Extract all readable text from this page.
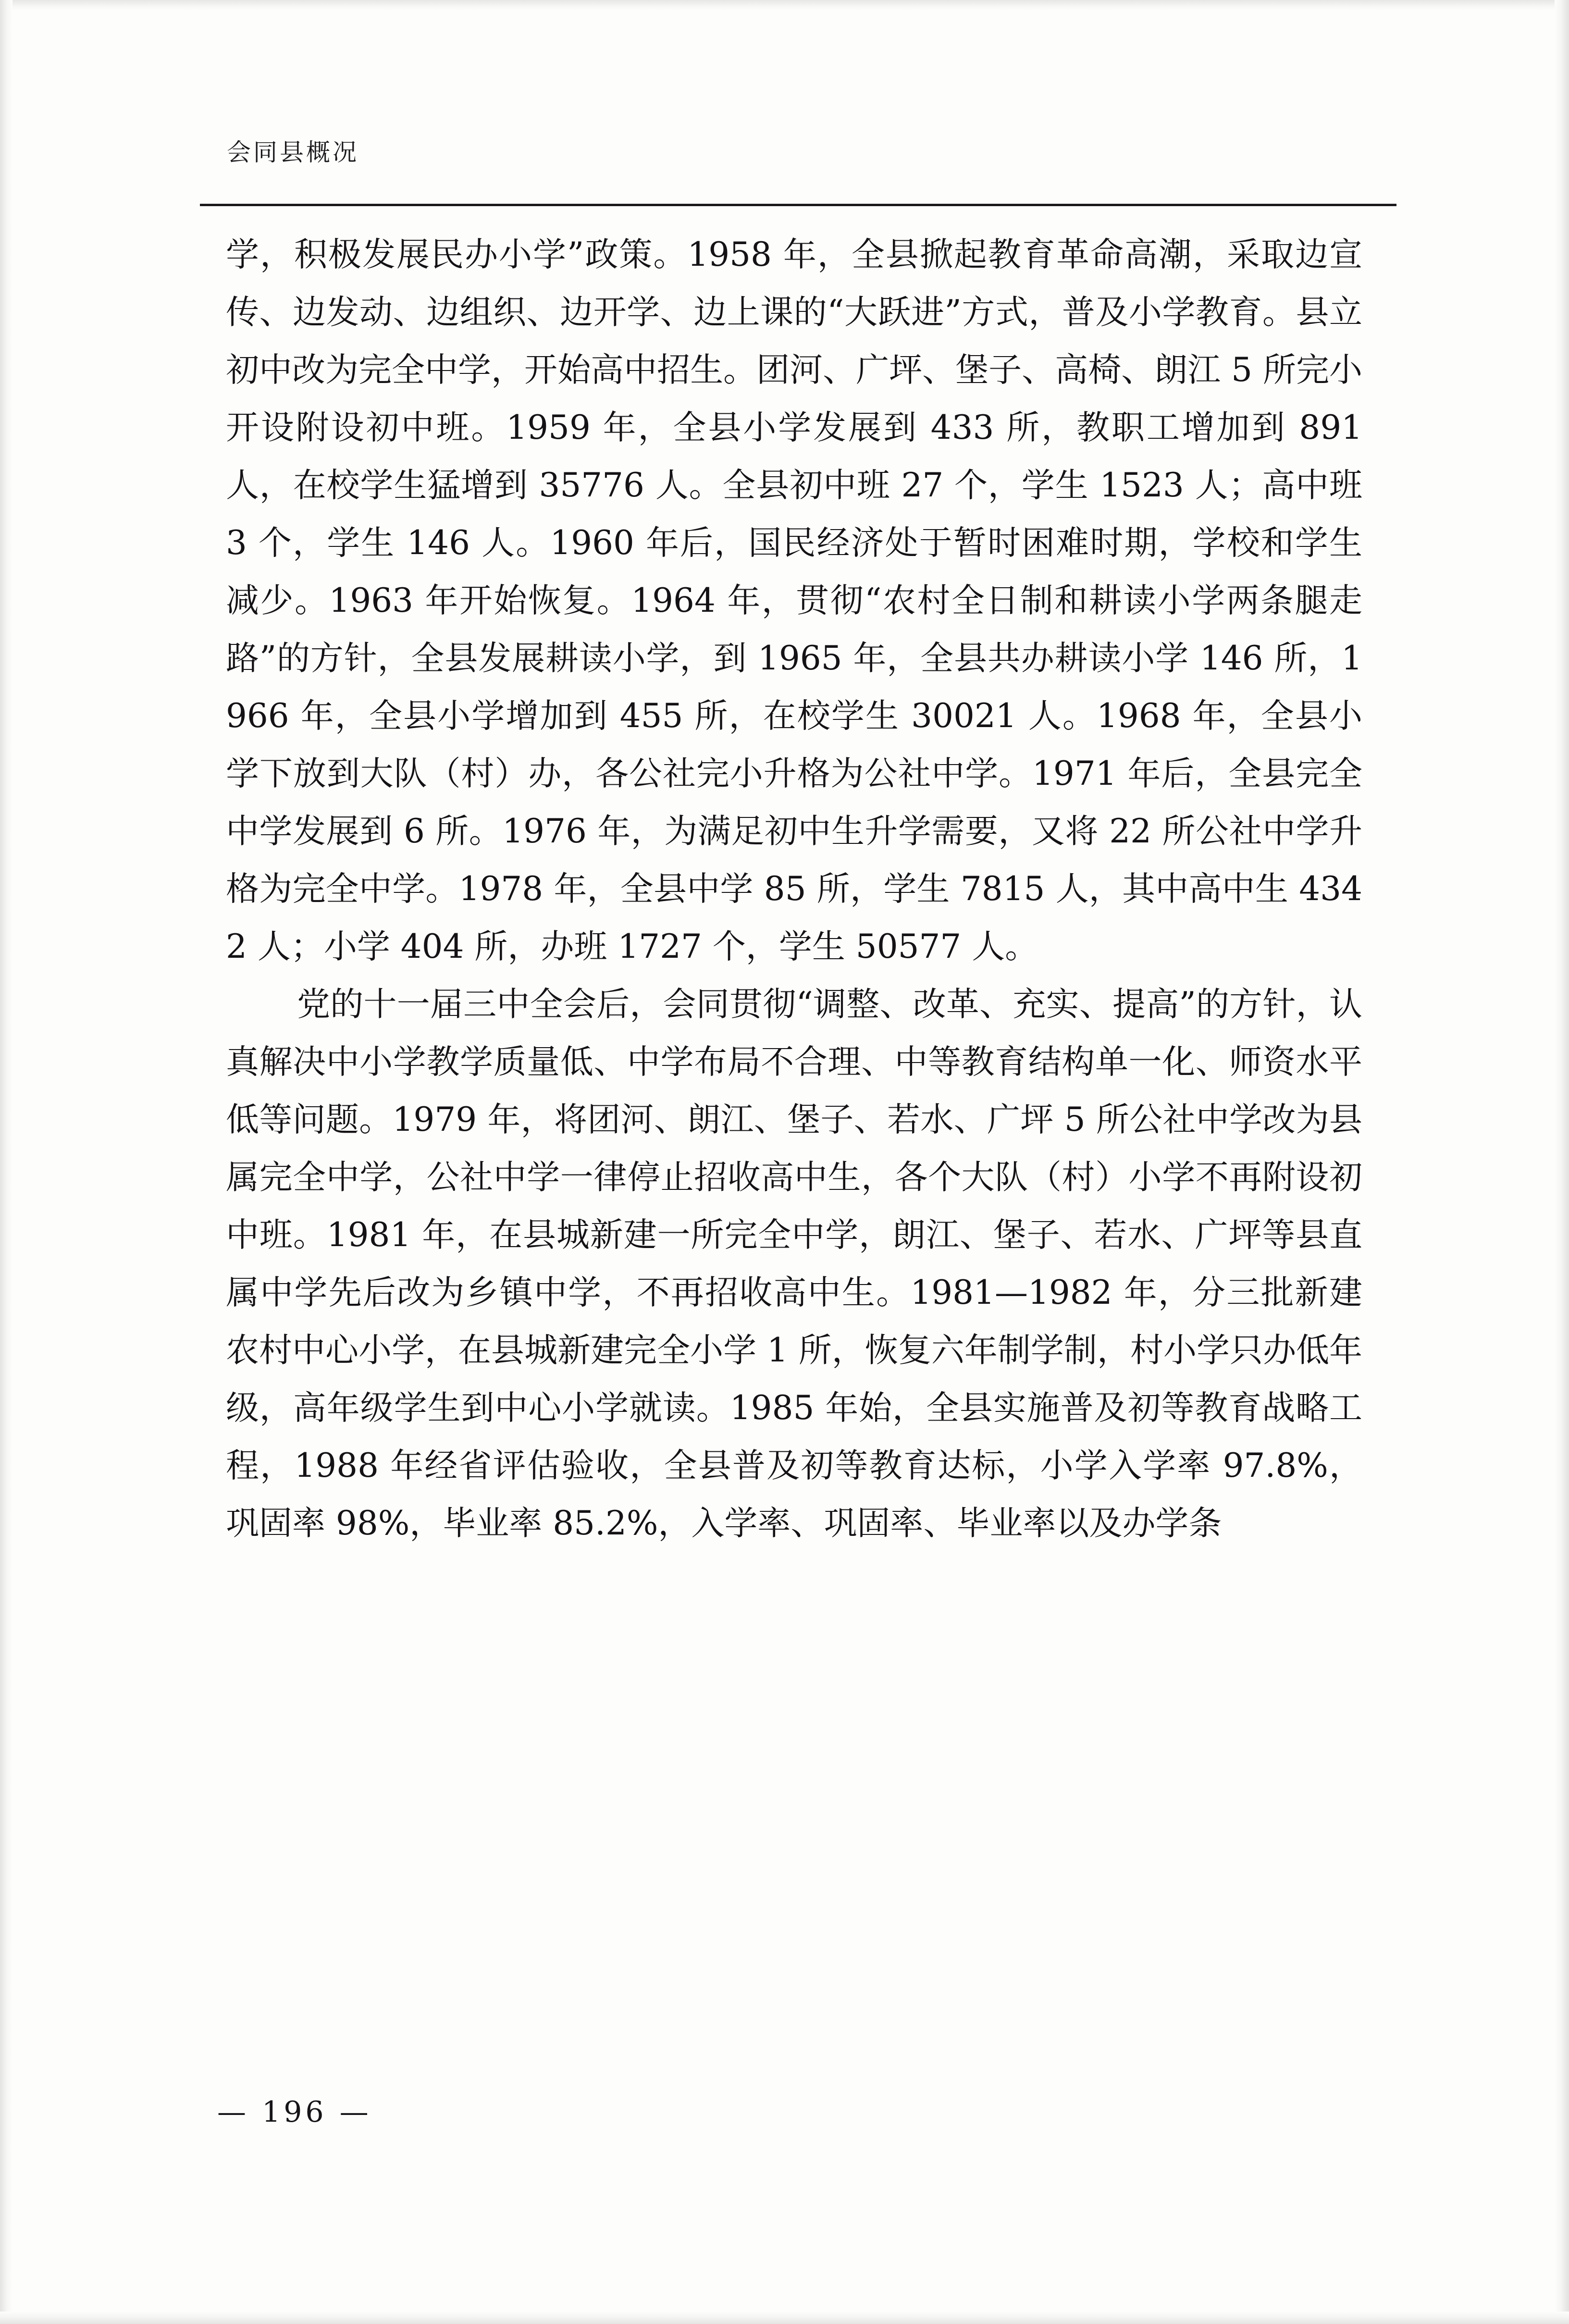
会同县概况

学，积极发展民办小学”政策。1958 年，全县掀起教育革命高潮，采取边宣传、边发动、边组织、边开学、边上课的“大跃进”方式，普及小学教育。县立初中改为完全中学，开始高中招生。团河、广坪、堡子、高椅、朗江 5 所完小开设附设初中班。1959 年，全县小学发展到 433 所，教职工增加到 891 人，在校学生猛增到 35776 人。全县初中班 27 个，学生 1523 人；高中班 3 个，学生 146 人。1960 年后，国民经济处于暂时困难时期，学校和学生减少。1963 年开始恢复。1964 年，贯彻“农村全日制和耕读小学两条腿走路”的方针，全县发展耕读小学，到 1965 年，全县共办耕读小学 146 所，1966 年，全县小学增加到 455 所，在校学生 30021 人。1968 年，全县小学下放到大队（村）办，各公社完小升格为公社中学。1971 年后，全县完全中学发展到 6 所。1976 年，为满足初中生升学需要，又将 22 所公社中学升格为完全中学。1978 年，全县中学 85 所，学生 7815 人，其中高中生 4342 人；小学 404 所，办班 1727 个，学生 50577 人。

党的十一届三中全会后，会同贯彻“调整、改革、充实、提高”的方针，认真解决中小学教学质量低、中学布局不合理、中等教育结构单一化、师资水平低等问题。1979 年，将团河、朗江、堡子、若水、广坪 5 所公社中学改为县属完全中学，公社中学一律停止招收高中生，各个大队（村）小学不再附设初中班。1981 年，在县城新建一所完全中学，朗江、堡子、若水、广坪等县直属中学先后改为乡镇中学，不再招收高中生。1981—1982 年，分三批新建农村中心小学，在县城新建完全小学 1 所，恢复六年制学制，村小学只办低年级，高年级学生到中心小学就读。1985 年始，全县实施普及初等教育战略工程，1988 年经省评估验收，全县普及初等教育达标，小学入学率 97.8%，巩固率 98%，毕业率 85.2%，入学率、巩固率、毕业率以及办学条

— 196 —
